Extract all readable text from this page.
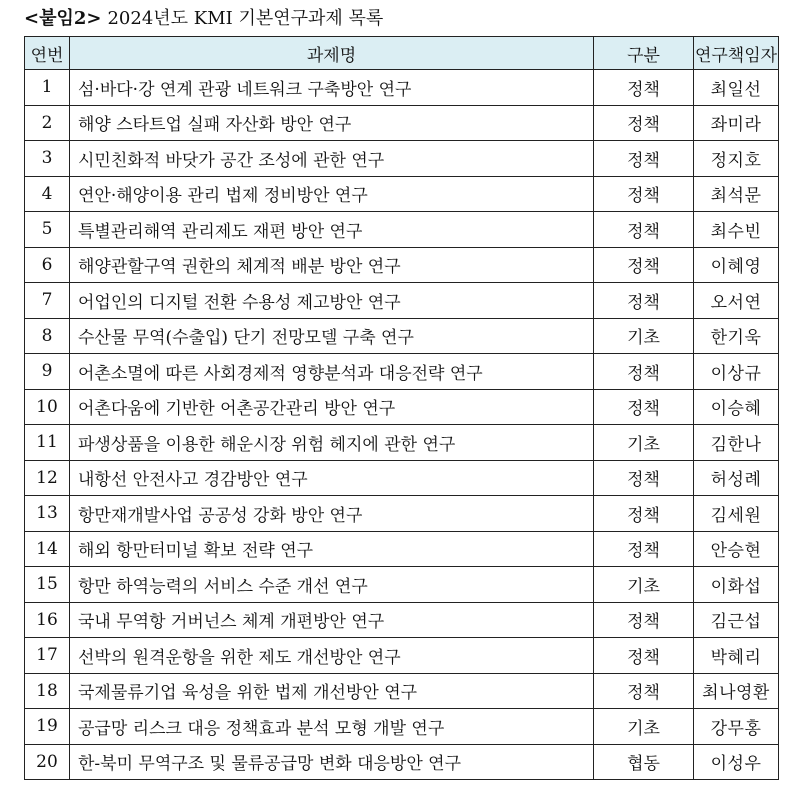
<붙임2> 2024년도 KMI 기본연구과제 목록
연번	과제명	구분	연구책임자
1	섬·바다·강 연계 관광 네트워크 구축방안 연구	정책	최일선
2	해양 스타트업 실패 자산화 방안 연구	정책	좌미라
3	시민친화적 바닷가 공간 조성에 관한 연구	정책	정지호
4	연안·해양이용 관리 법제 정비방안 연구	정책	최석문
5	특별관리해역 관리제도 재편 방안 연구	정책	최수빈
6	해양관할구역 권한의 체계적 배분 방안 연구	정책	이혜영
7	어업인의 디지털 전환 수용성 제고방안 연구	정책	오서연
8	수산물 무역(수출입) 단기 전망모델 구축 연구	기초	한기욱
9	어촌소멸에 따른 사회경제적 영향분석과 대응전략 연구	정책	이상규
10	어촌다움에 기반한 어촌공간관리 방안 연구	정책	이승혜
11	파생상품을 이용한 해운시장 위험 헤지에 관한 연구	기초	김한나
12	내항선 안전사고 경감방안 연구	정책	허성례
13	항만재개발사업 공공성 강화 방안 연구	정책	김세원
14	해외 항만터미널 확보 전략 연구	정책	안승현
15	항만 하역능력의 서비스 수준 개선 연구	기초	이화섭
16	국내 무역항 거버넌스 체계 개편방안 연구	정책	김근섭
17	선박의 원격운항을 위한 제도 개선방안 연구	정책	박혜리
18	국제물류기업 육성을 위한 법제 개선방안 연구	정책	최나영환
19	공급망 리스크 대응 정책효과 분석 모형 개발 연구	기초	강무홍
20	한-북미 무역구조 및 물류공급망 변화 대응방안 연구	협동	이성우
